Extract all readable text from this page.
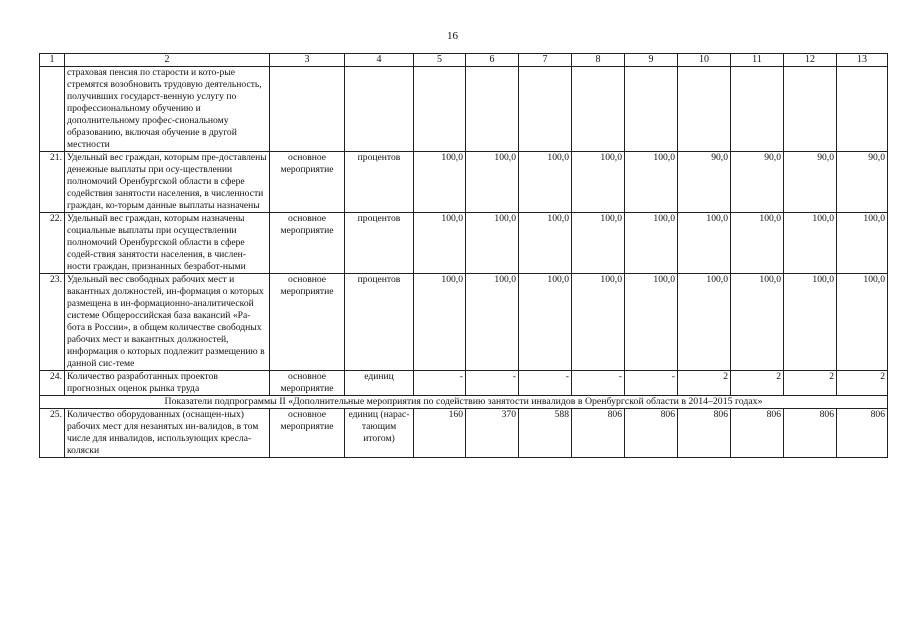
16
1	2	3	4	5	6	7	8	9	10	11	12	13
	страховая пенсия по старости и кото-рые стремятся возобновить трудовую деятельность, получивших государст-венную услугу по профессиональному обучению и дополнительному профес-сиональному образованию, включая обучение в другой местности											
21.	Удельный вес граждан, которым пре-доставлены денежные выплаты при осу-ществлении полномочий Оренбургской области в сфере содействия занятости населения, в численности граждан, ко-торым данные выплаты назначены	основное мероприятие	процентов	100,0	100,0	100,0	100,0	100,0	90,0	90,0	90,0	90,0
22.	Удельный вес граждан, которым назначены социальные выплаты при осуществлении полномочий Оренбургской области в сфере содей-ствия занятости населения, в числен-ности граждан, признанных безработ-ными	основное мероприятие	процентов	100,0	100,0	100,0	100,0	100,0	100,0	100,0	100,0	100,0
23.	Удельный вес свободных рабочих мест и вакантных должностей, ин-формация о которых размещена в ин-формационно-аналитической системе Общероссийская база вакансий «Ра-бота в России», в общем количестве свободных рабочих мест и вакантных должностей, информация о которых подлежит размещению в данной сис-теме	основное мероприятие	процентов	100,0	100,0	100,0	100,0	100,0	100,0	100,0	100,0	100,0
24.	Количество разработанных проектов прогнозных оценок рынка труда	основное мероприятие	единиц	-	-	-	-	-	2	2	2	2
Показатели подпрограммы II «Дополнительные мероприятия по содействию занятости инвалидов в Оренбургской области в 2014–2015 годах»												
25.	Количество оборудованных (оснащен-ных) рабочих мест для незанятых ин-валидов, в том числе для инвалидов, использующих кресла-коляски	основное мероприятие	единиц (нарас-тающим итогом)	160	370	588	806	806	806	806	806	806
